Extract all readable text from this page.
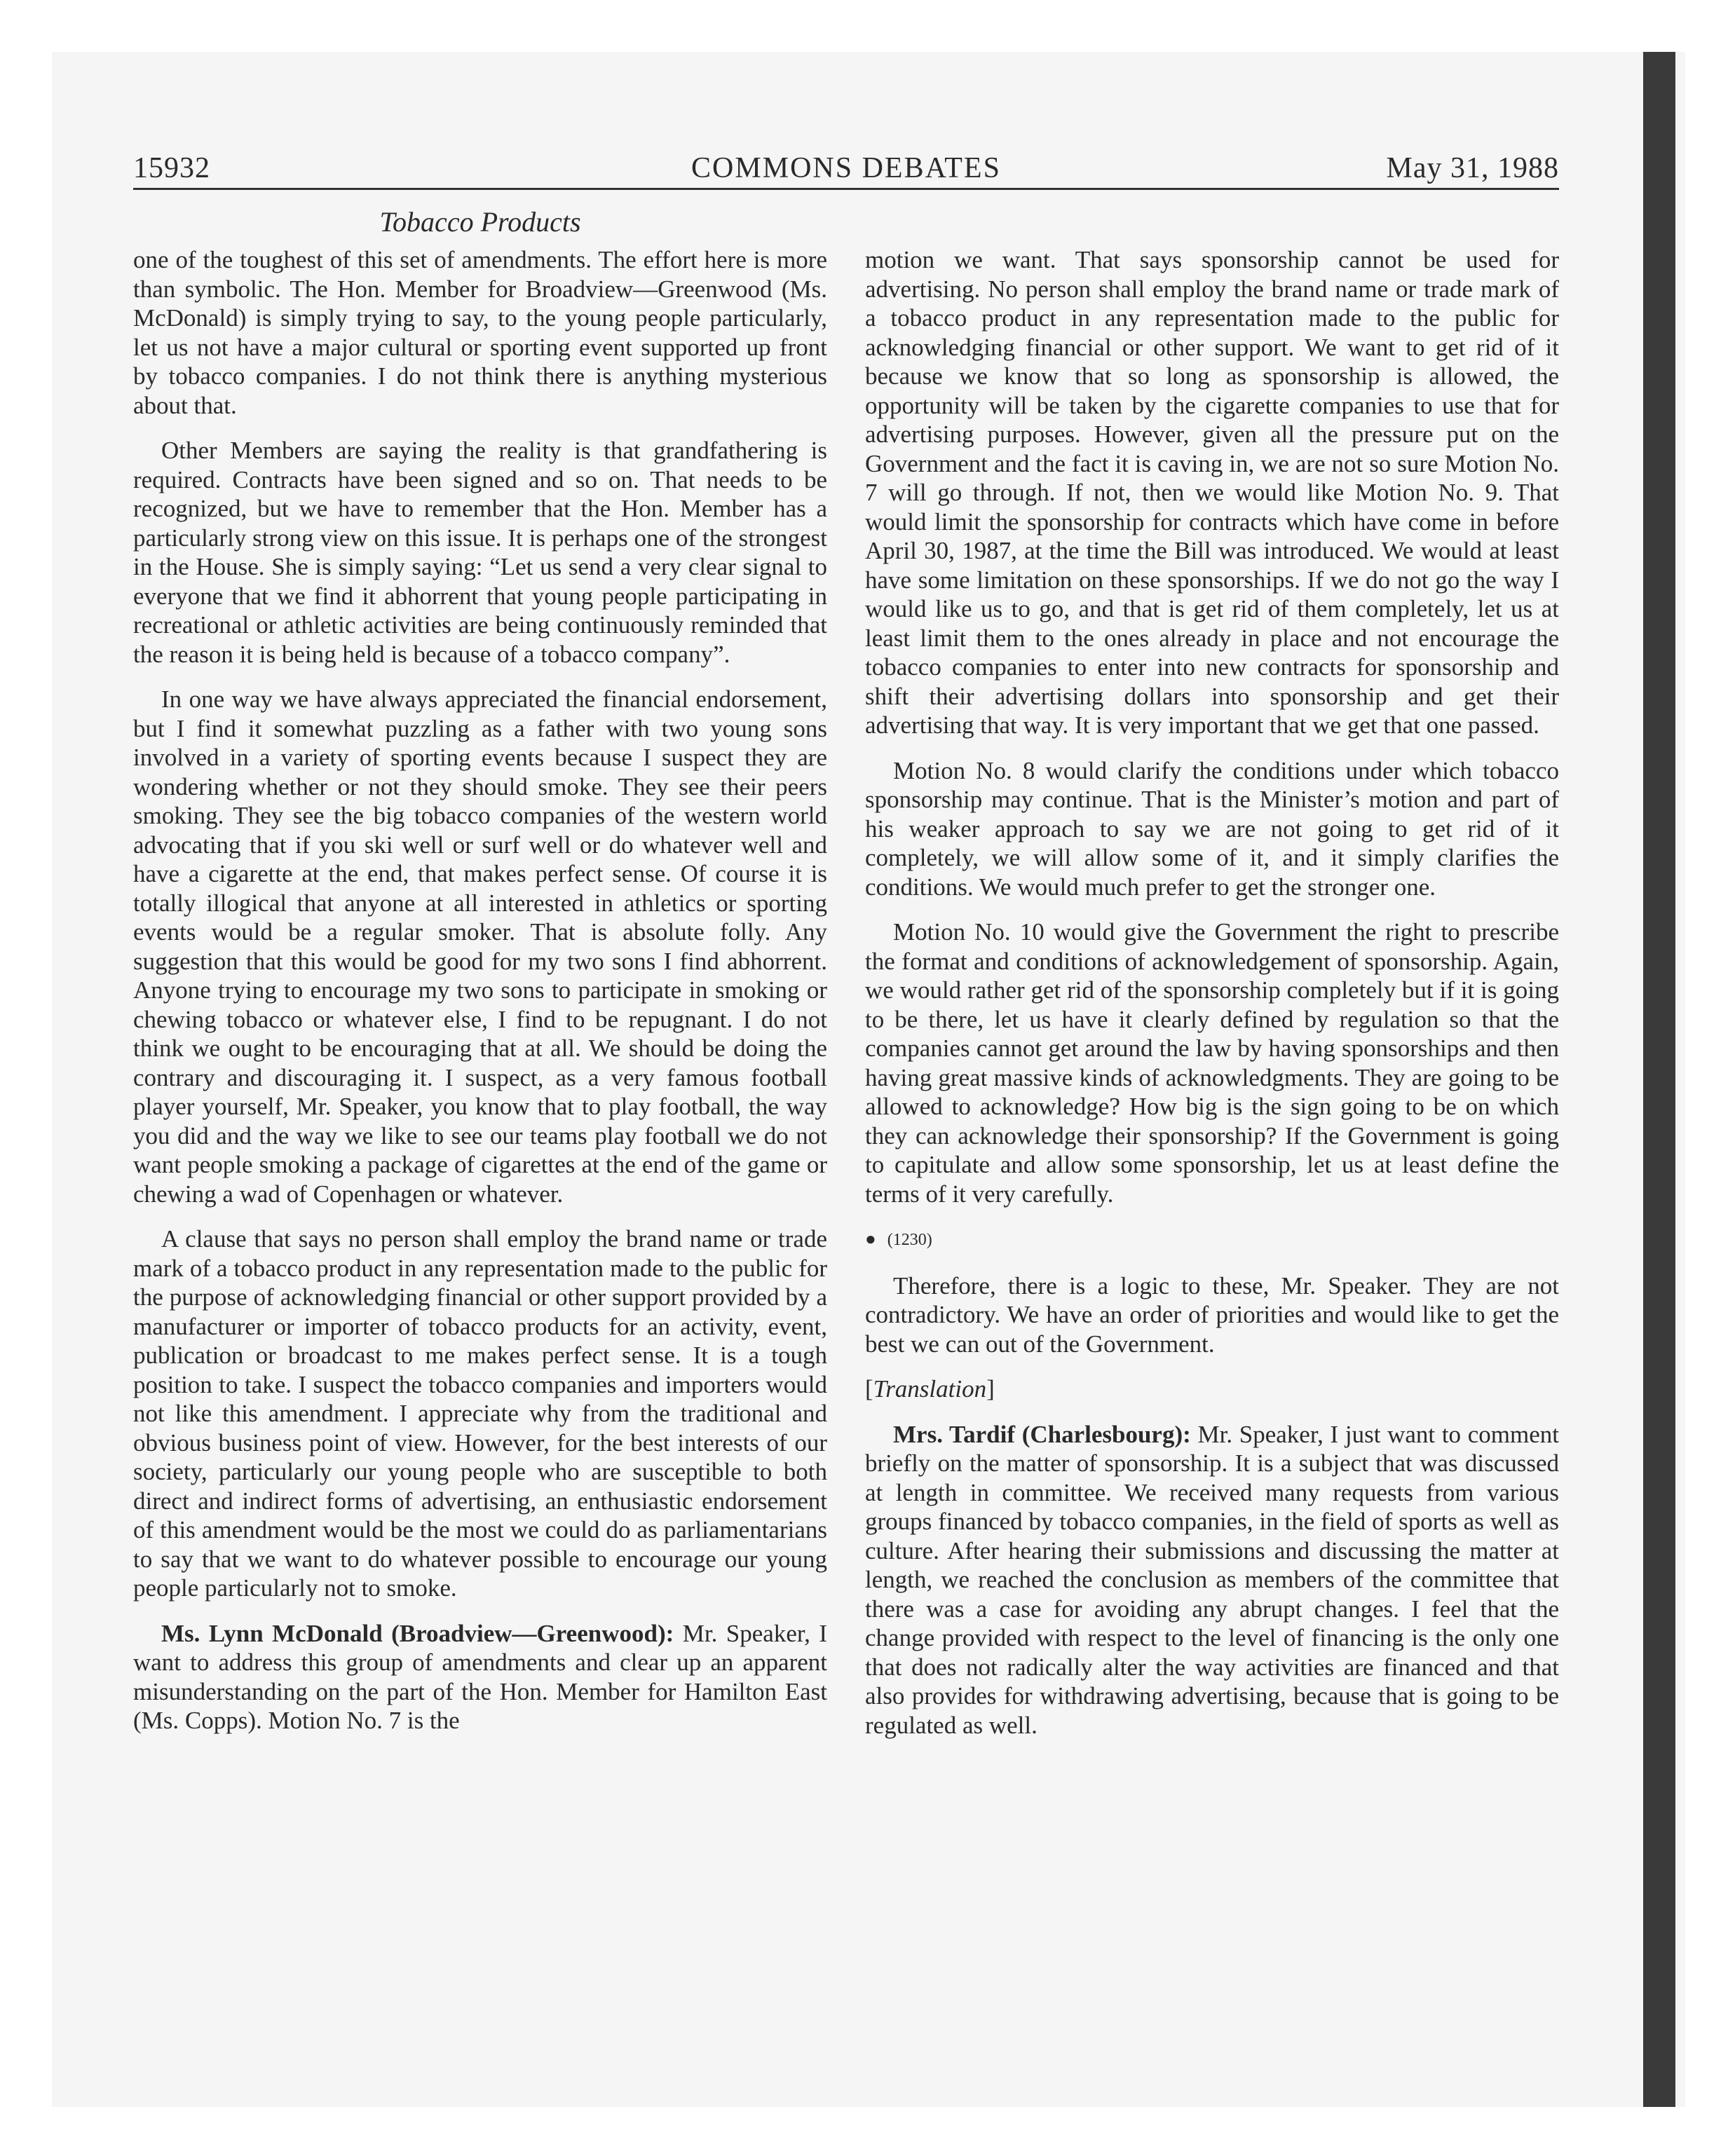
15932	COMMONS DEBATES	May 31, 1988
Tobacco Products

one of the toughest of this set of amendments. The effort here is more than symbolic. The Hon. Member for Broadview—Greenwood (Ms. McDonald) is simply trying to say, to the young people particularly, let us not have a major cultural or sporting event supported up front by tobacco companies. I do not think there is anything mysterious about that.

Other Members are saying the reality is that grandfathering is required. Contracts have been signed and so on. That needs to be recognized, but we have to remember that the Hon. Member has a particularly strong view on this issue. It is perhaps one of the strongest in the House. She is simply saying: “Let us send a very clear signal to everyone that we find it abhorrent that young people participating in recreational or athletic activities are being continuously reminded that the reason it is being held is because of a tobacco company”.

In one way we have always appreciated the financial endorsement, but I find it somewhat puzzling as a father with two young sons involved in a variety of sporting events because I suspect they are wondering whether or not they should smoke. They see their peers smoking. They see the big tobacco companies of the western world advocating that if you ski well or surf well or do whatever well and have a cigarette at the end, that makes perfect sense. Of course it is totally illogical that anyone at all interested in athletics or sporting events would be a regular smoker. That is absolute folly. Any suggestion that this would be good for my two sons I find abhorrent. Anyone trying to encourage my two sons to participate in smoking or chewing tobacco or whatever else, I find to be repugnant. I do not think we ought to be encouraging that at all. We should be doing the contrary and discouraging it. I suspect, as a very famous football player yourself, Mr. Speaker, you know that to play football, the way you did and the way we like to see our teams play football we do not want people smoking a package of cigarettes at the end of the game or chewing a wad of Copenhagen or whatever.

A clause that says no person shall employ the brand name or trade mark of a tobacco product in any representation made to the public for the purpose of acknowledging financial or other support provided by a manufacturer or importer of tobacco products for an activity, event, publication or broadcast to me makes perfect sense. It is a tough position to take. I suspect the tobacco companies and importers would not like this amendment. I appreciate why from the traditional and obvious business point of view. However, for the best interests of our society, particularly our young people who are susceptible to both direct and indirect forms of advertising, an enthusiastic endorsement of this amendment would be the most we could do as parliamentarians to say that we want to do whatever possible to encourage our young people particularly not to smoke.

Ms. Lynn McDonald (Broadview—Greenwood): Mr. Speaker, I want to address this group of amendments and clear up an apparent misunderstanding on the part of the Hon. Member for Hamilton East (Ms. Copps). Motion No. 7 is the

motion we want. That says sponsorship cannot be used for advertising. No person shall employ the brand name or trade mark of a tobacco product in any representation made to the public for acknowledging financial or other support. We want to get rid of it because we know that so long as sponsorship is allowed, the opportunity will be taken by the cigarette companies to use that for advertising purposes. However, given all the pressure put on the Government and the fact it is caving in, we are not so sure Motion No. 7 will go through. If not, then we would like Motion No. 9. That would limit the sponsorship for contracts which have come in before April 30, 1987, at the time the Bill was introduced. We would at least have some limitation on these sponsorships. If we do not go the way I would like us to go, and that is get rid of them completely, let us at least limit them to the ones already in place and not encourage the tobacco companies to enter into new contracts for sponsorship and shift their advertising dollars into sponsorship and get their advertising that way. It is very important that we get that one passed.

Motion No. 8 would clarify the conditions under which tobacco sponsorship may continue. That is the Minister’s motion and part of his weaker approach to say we are not going to get rid of it completely, we will allow some of it, and it simply clarifies the conditions. We would much prefer to get the stronger one.

Motion No. 10 would give the Government the right to prescribe the format and conditions of acknowledgement of sponsorship. Again, we would rather get rid of the sponsorship completely but if it is going to be there, let us have it clearly defined by regulation so that the companies cannot get around the law by having sponsorships and then having great massive kinds of acknowledgments. They are going to be allowed to acknowledge? How big is the sign going to be on which they can acknowledge their sponsorship? If the Government is going to capitulate and allow some sponsorship, let us at least define the terms of it very carefully.

● (1230)

Therefore, there is a logic to these, Mr. Speaker. They are not contradictory. We have an order of priorities and would like to get the best we can out of the Government.

[Translation]

Mrs. Tardif (Charlesbourg): Mr. Speaker, I just want to comment briefly on the matter of sponsorship. It is a subject that was discussed at length in committee. We received many requests from various groups financed by tobacco companies, in the field of sports as well as culture. After hearing their submissions and discussing the matter at length, we reached the conclusion as members of the committee that there was a case for avoiding any abrupt changes. I feel that the change provided with respect to the level of financing is the only one that does not radically alter the way activities are financed and that also provides for withdrawing advertising, because that is going to be regulated as well.
